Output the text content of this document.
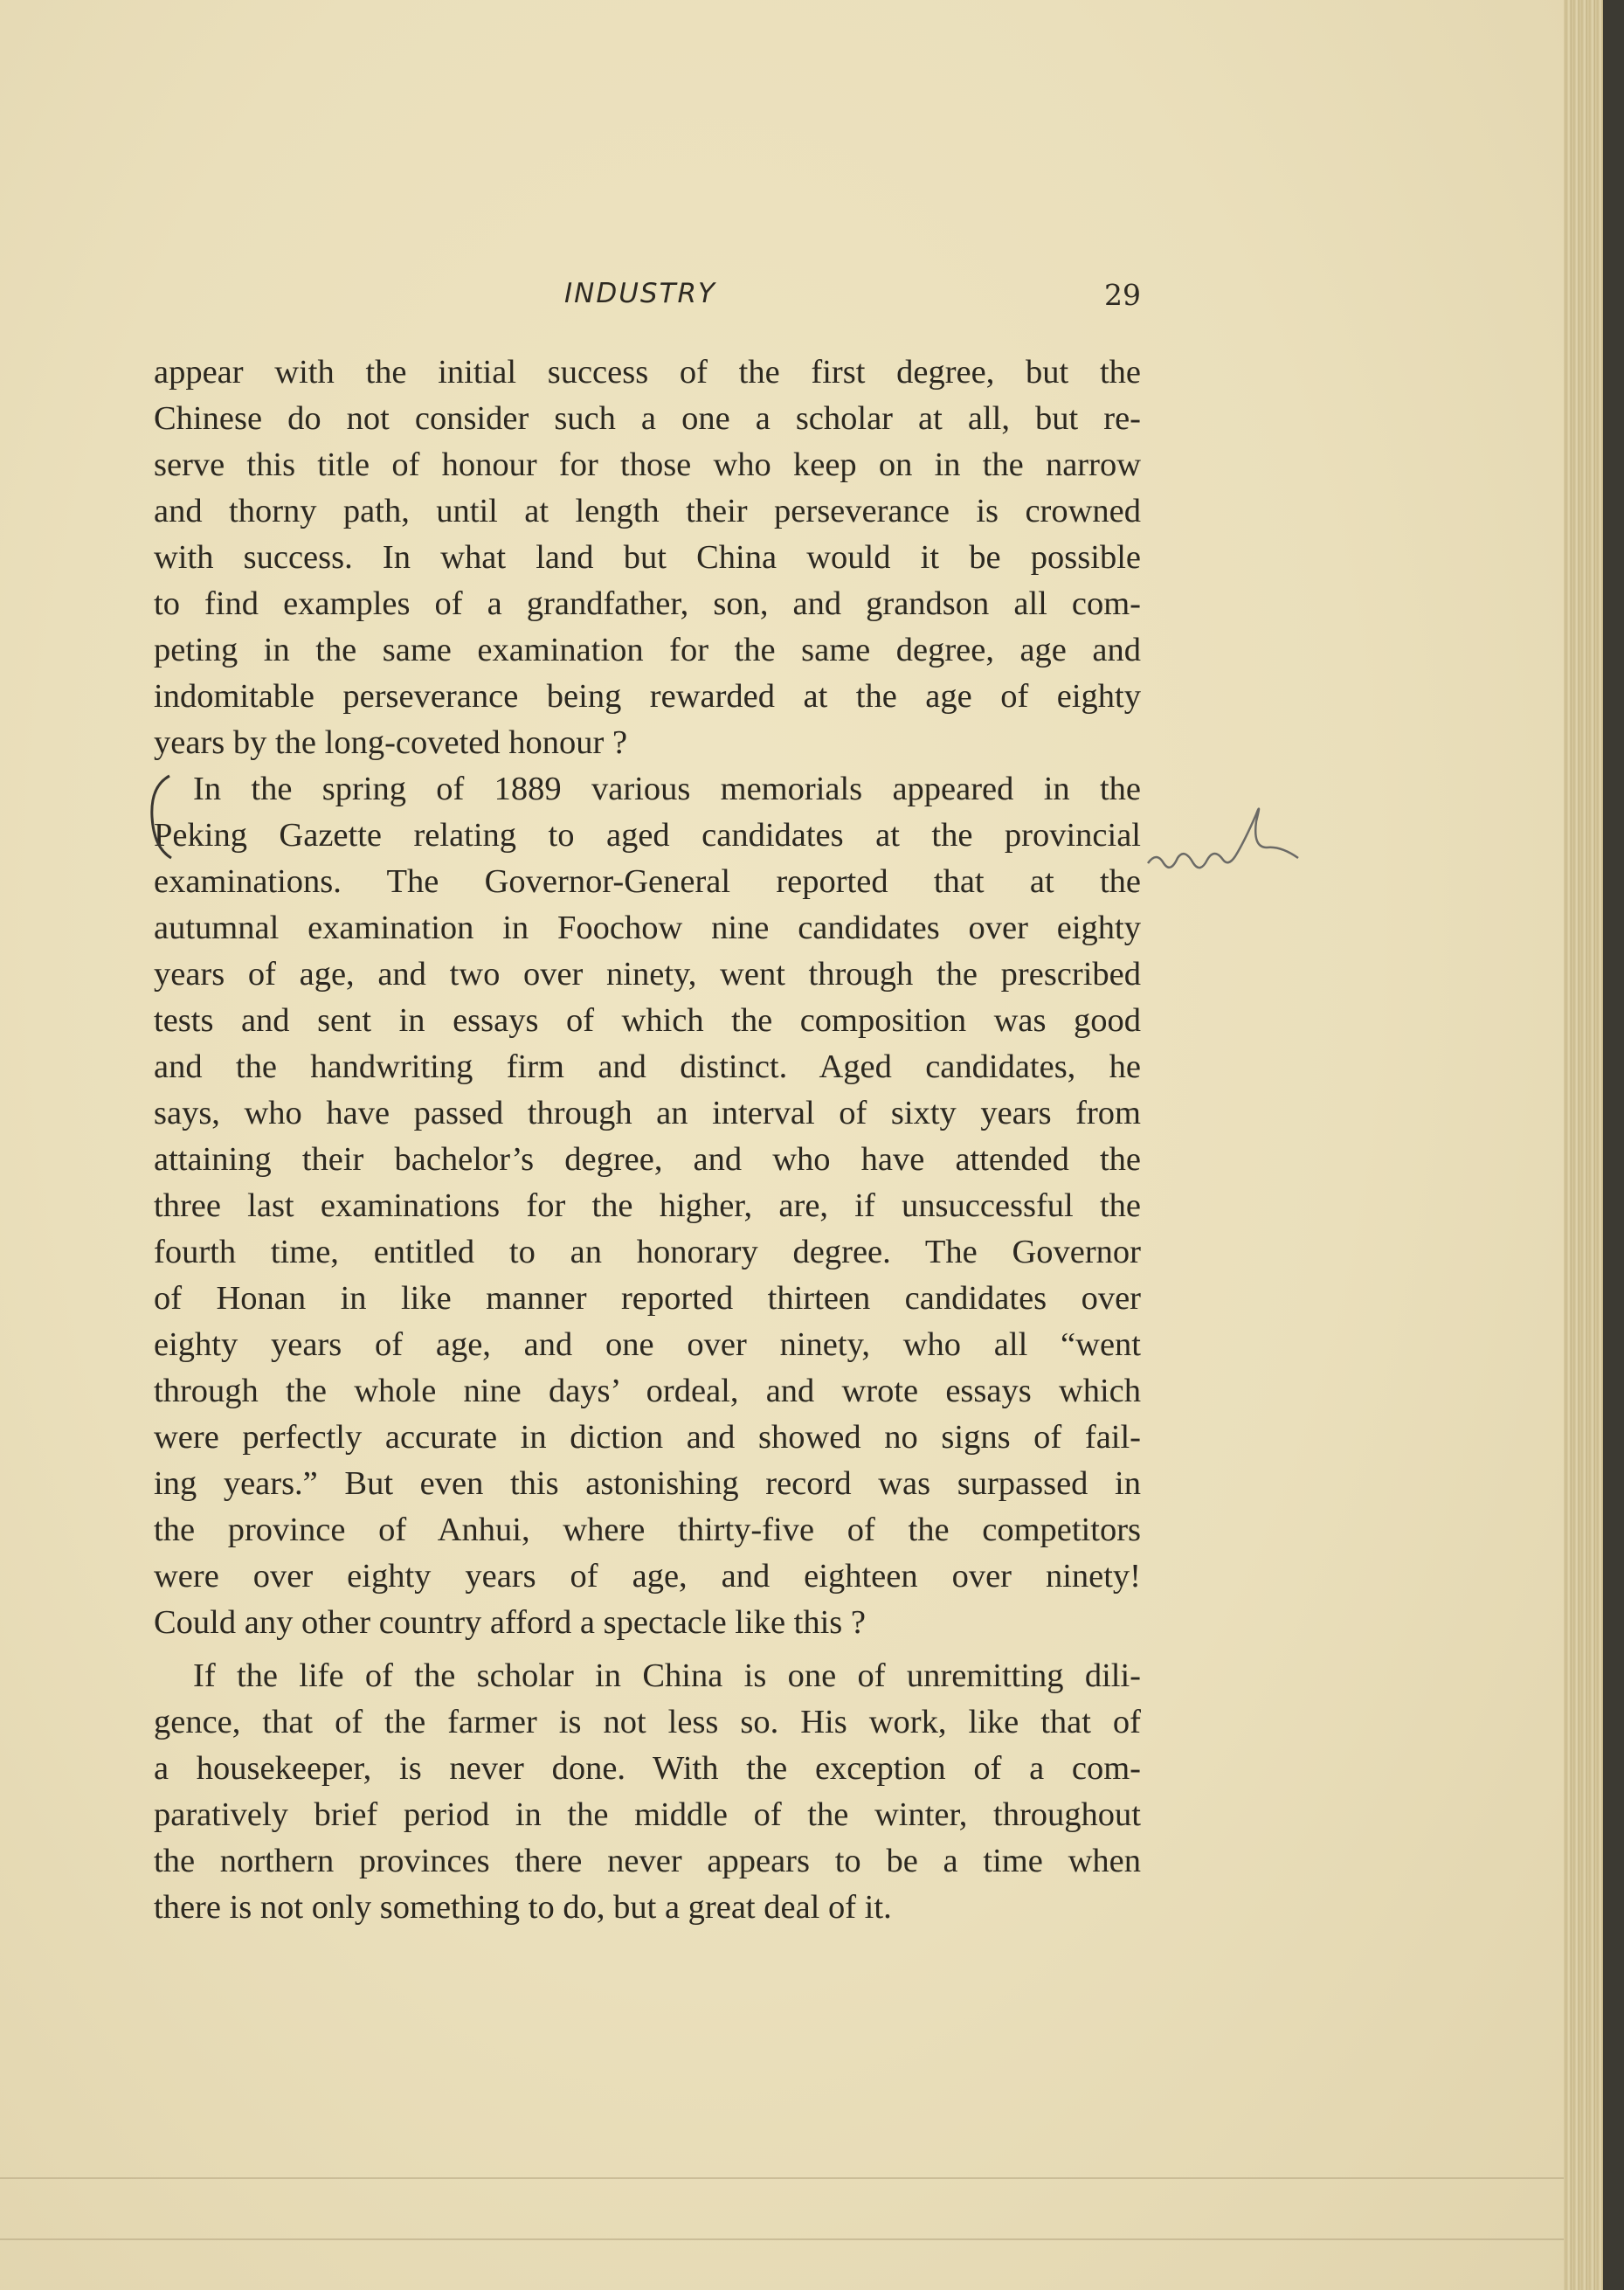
INDUSTRY	29
appear with the initial success of the first degree, but the
Chinese do not consider such a one a scholar at all, but re-
serve this title of honour for those who keep on in the narrow
and thorny path, until at length their perseverance is crowned
with success. In what land but China would it be possible
to find examples of a grandfather, son, and grandson all com-
peting in the same examination for the same degree, age and
indomitable perseverance being rewarded at the age of eighty
years by the long-coveted honour ?
In the spring of 1889 various memorials appeared in the
Peking Gazette relating to aged candidates at the provincial
examinations. The Governor-General reported that at the
autumnal examination in Foochow nine candidates over eighty
years of age, and two over ninety, went through the prescribed
tests and sent in essays of which the composition was good
and the handwriting firm and distinct. Aged candidates, he
says, who have passed through an interval of sixty years from
attaining their bachelor’s degree, and who have attended the
three last examinations for the higher, are, if unsuccessful the
fourth time, entitled to an honorary degree. The Governor
of Honan in like manner reported thirteen candidates over
eighty years of age, and one over ninety, who all “went
through the whole nine days’ ordeal, and wrote essays which
were perfectly accurate in diction and showed no signs of fail-
ing years.” But even this astonishing record was surpassed in
the province of Anhui, where thirty-five of the competitors
were over eighty years of age, and eighteen over ninety!
Could any other country afford a spectacle like this ?
If the life of the scholar in China is one of unremitting dili-
gence, that of the farmer is not less so. His work, like that of
a housekeeper, is never done. With the exception of a com-
paratively brief period in the middle of the winter, throughout
the northern provinces there never appears to be a time when
there is not only something to do, but a great deal of it.
